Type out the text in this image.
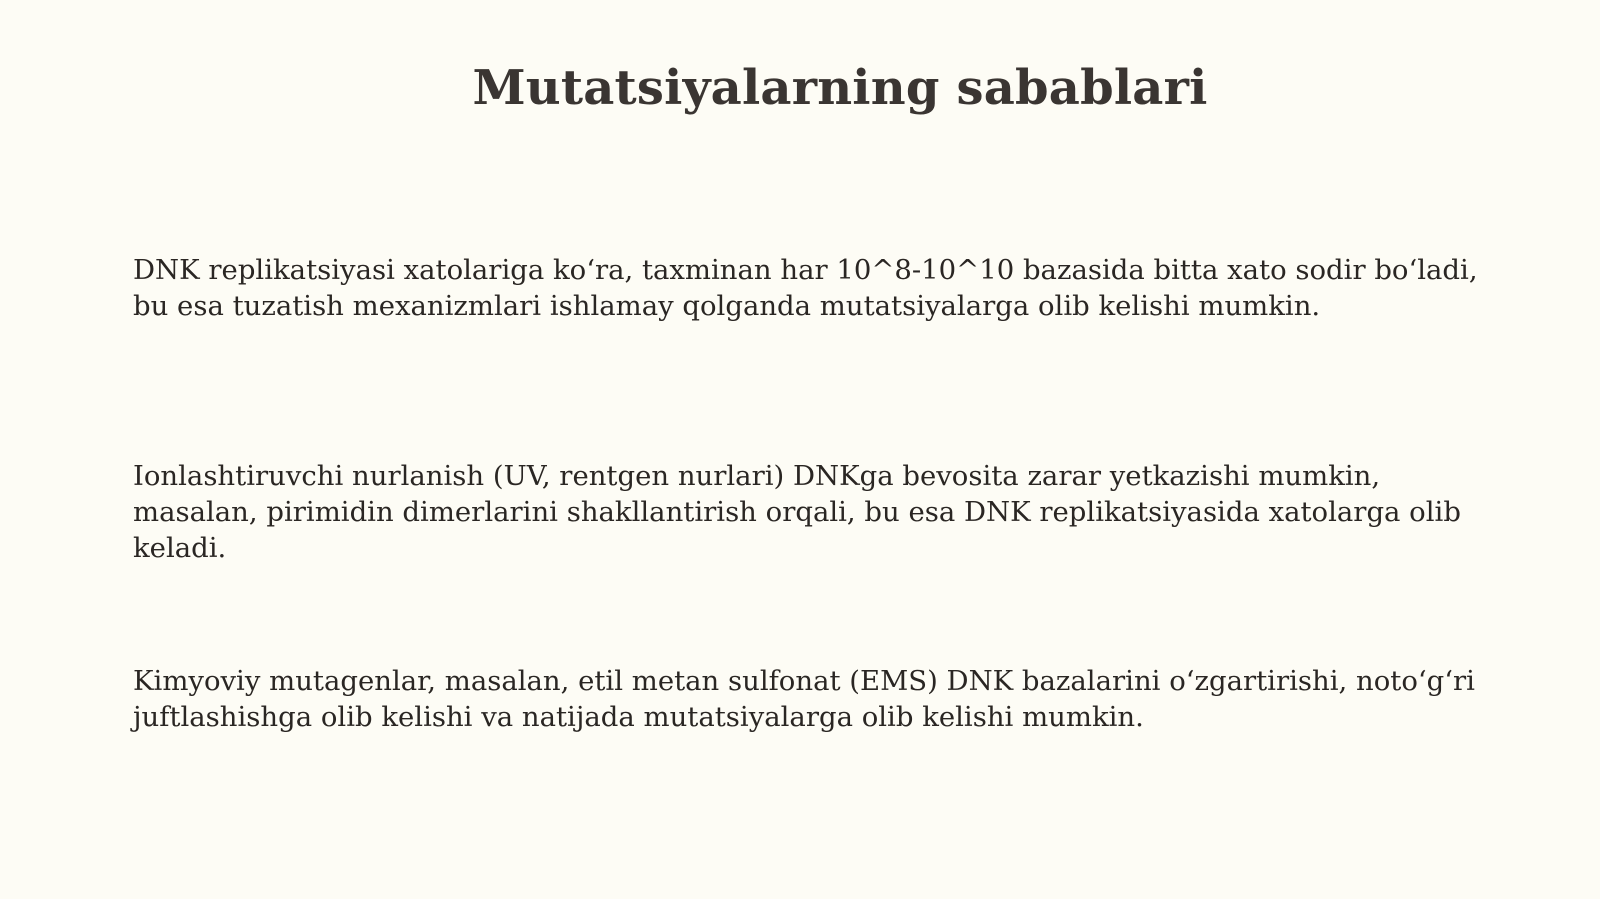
Mutatsiyalarning sabablari
DNK replikatsiyasi xatolariga koʻra, taxminan har 10^8-10^10 bazasida bitta xato sodir boʻladi, bu esa tuzatish mexanizmlari ishlamay qolganda mutatsiyalarga olib kelishi mumkin.
Ionlashtiruvchi nurlanish (UV, rentgen nurlari) DNKga bevosita zarar yetkazishi mumkin, masalan, pirimidin dimerlarini shakllantirish orqali, bu esa DNK replikatsiyasida xatolarga olib keladi.
Kimyoviy mutagenlar, masalan, etil metan sulfonat (EMS) DNK bazalarini oʻzgartirishi, notoʻgʻri juftlashishga olib kelishi va natijada mutatsiyalarga olib kelishi mumkin.
